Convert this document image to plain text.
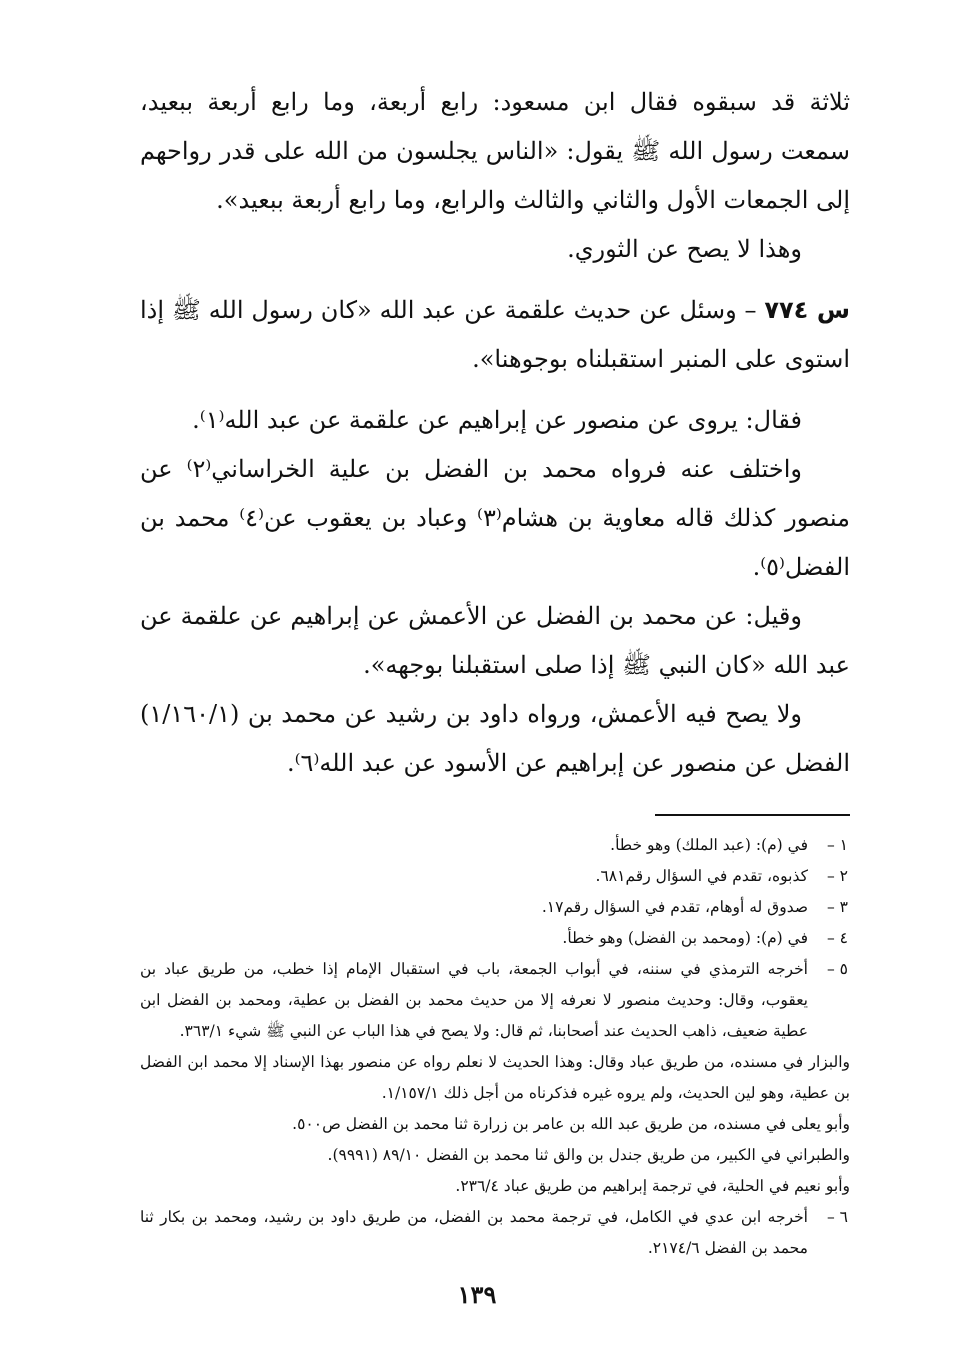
ثلاثة قد سبقوه فقال ابن مسعود: رابع أربعة، وما رابع أربعة ببعيد، سمعت رسول الله ﷺ يقول: «الناس يجلسون من الله على قدر رواحهم إلى الجمعات الأول والثاني والثالث والرابع، وما رابع أربعة ببعيد».

وهذا لا يصح عن الثوري.

س ٧٧٤ – وسئل عن حديث علقمة عن عبد الله «كان رسول الله ﷺ إذا استوى على المنبر استقبلناه بوجوهنا».

فقال: يروى عن منصور عن إبراهيم عن علقمة عن عبد الله⁽١⁾.

واختلف عنه فرواه محمد بن الفضل بن علية الخراساني⁽٢⁾ عن منصور كذلك قاله معاوية بن هشام⁽٣⁾ وعباد بن يعقوب عن⁽٤⁾ محمد بن الفضل⁽٥⁾.

وقيل: عن محمد بن الفضل عن الأعمش عن إبراهيم عن علقمة عن عبد الله «كان النبي ﷺ إذا صلى استقبلنا بوجهه».

ولا يصح فيه الأعمش، ورواه داود بن رشيد عن محمد بن (١/١٦٠/١) الفضل عن منصور عن إبراهيم عن الأسود عن عبد الله⁽٦⁾.

١ –
في (م): (عبد الملك) وهو خطأ.
٢ –
كذبوه، تقدم في السؤال رقم٦٨١.
٣ –
صدوق له أوهام، تقدم في السؤال رقم١٧.
٤ –
في (م): (ومحمد بن الفضل) وهو خطأ.
٥ –
أخرجه الترمذي في سننه، في أبواب الجمعة، باب في استقبال الإمام إذا خطب، من طريق عباد بن يعقوب، وقال: وحديث منصور لا نعرفه إلا من حديث محمد بن الفضل بن عطية، ومحمد بن الفضل ابن عطية ضعيف، ذاهب الحديث عند أصحابنا، ثم قال: ولا يصح في هذا الباب عن النبي ﷺ شيء ٣٦٣/١.

والبزار في مسنده، من طريق عباد وقال: وهذا الحديث لا نعلم رواه عن منصور بهذا الإسناد إلا محمد ابن الفضل بن عطية، وهو لين الحديث، ولم يروه غيره فذكرناه من أجل ذلك ١/١٥٧/١.

وأبو يعلى في مسنده، من طريق عبد الله بن عامر بن زرارة ثنا محمد بن الفضل ص٥٠٠.

والطبراني في الكبير، من طريق جندل بن والق ثنا محمد بن الفضل ٨٩/١٠ (٩٩٩١).

وأبو نعيم في الحلية، في ترجمة إبراهيم من طريق عباد ٢٣٦/٤.

٦ –
أخرجه ابن عدي في الكامل، في ترجمة محمد بن الفضل، من طريق داود بن رشيد، ومحمد بن بكار ثنا محمد بن الفضل ٢١٧٤/٦.
١٣٩
